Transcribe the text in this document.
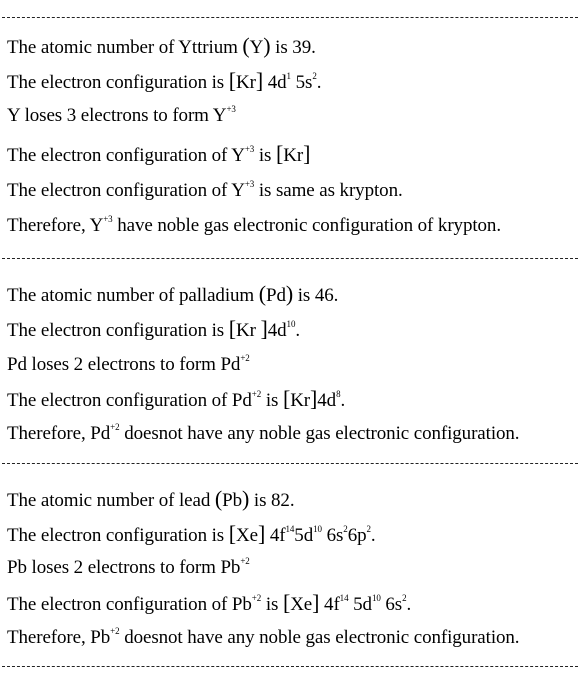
The atomic number of Yttrium (Y) is 39.
The electron configuration is [Kr] $4d^1$ $5s^2$.
Y loses 3 electrons to form $Y^{+3}$
The electron configuration of $Y^{+3}$ is [Kr]
The electron configuration of $Y^{+3}$ is same as krypton.
Therefore, $Y^{+3}$ have noble gas electronic configuration of krypton.
The atomic number of palladium (Pd) is 46.
The electron configuration is [Kr ]$4d^{10}$.
Pd loses 2 electrons to form $Pd^{+2}$
The electron configuration of $Pd^{+2}$ is $[Kr]4d^8$.
Therefore, $Pd^{+2}$ doesnot have any noble gas electronic configuration.
The atomic number of lead (Pb) is 82.
The electron configuration is [Xe] $4f^{14}5d^{10}$ $6s^26p^2$.
Pb loses 2 electrons to form $Pb^{+2}$
The electron configuration of $Pb^{+2}$ is [Xe] $4f^{14}$ $5d^{10}$ $6s^2$.
Therefore, $Pb^{+2}$ doesnot have any noble gas electronic configuration.
